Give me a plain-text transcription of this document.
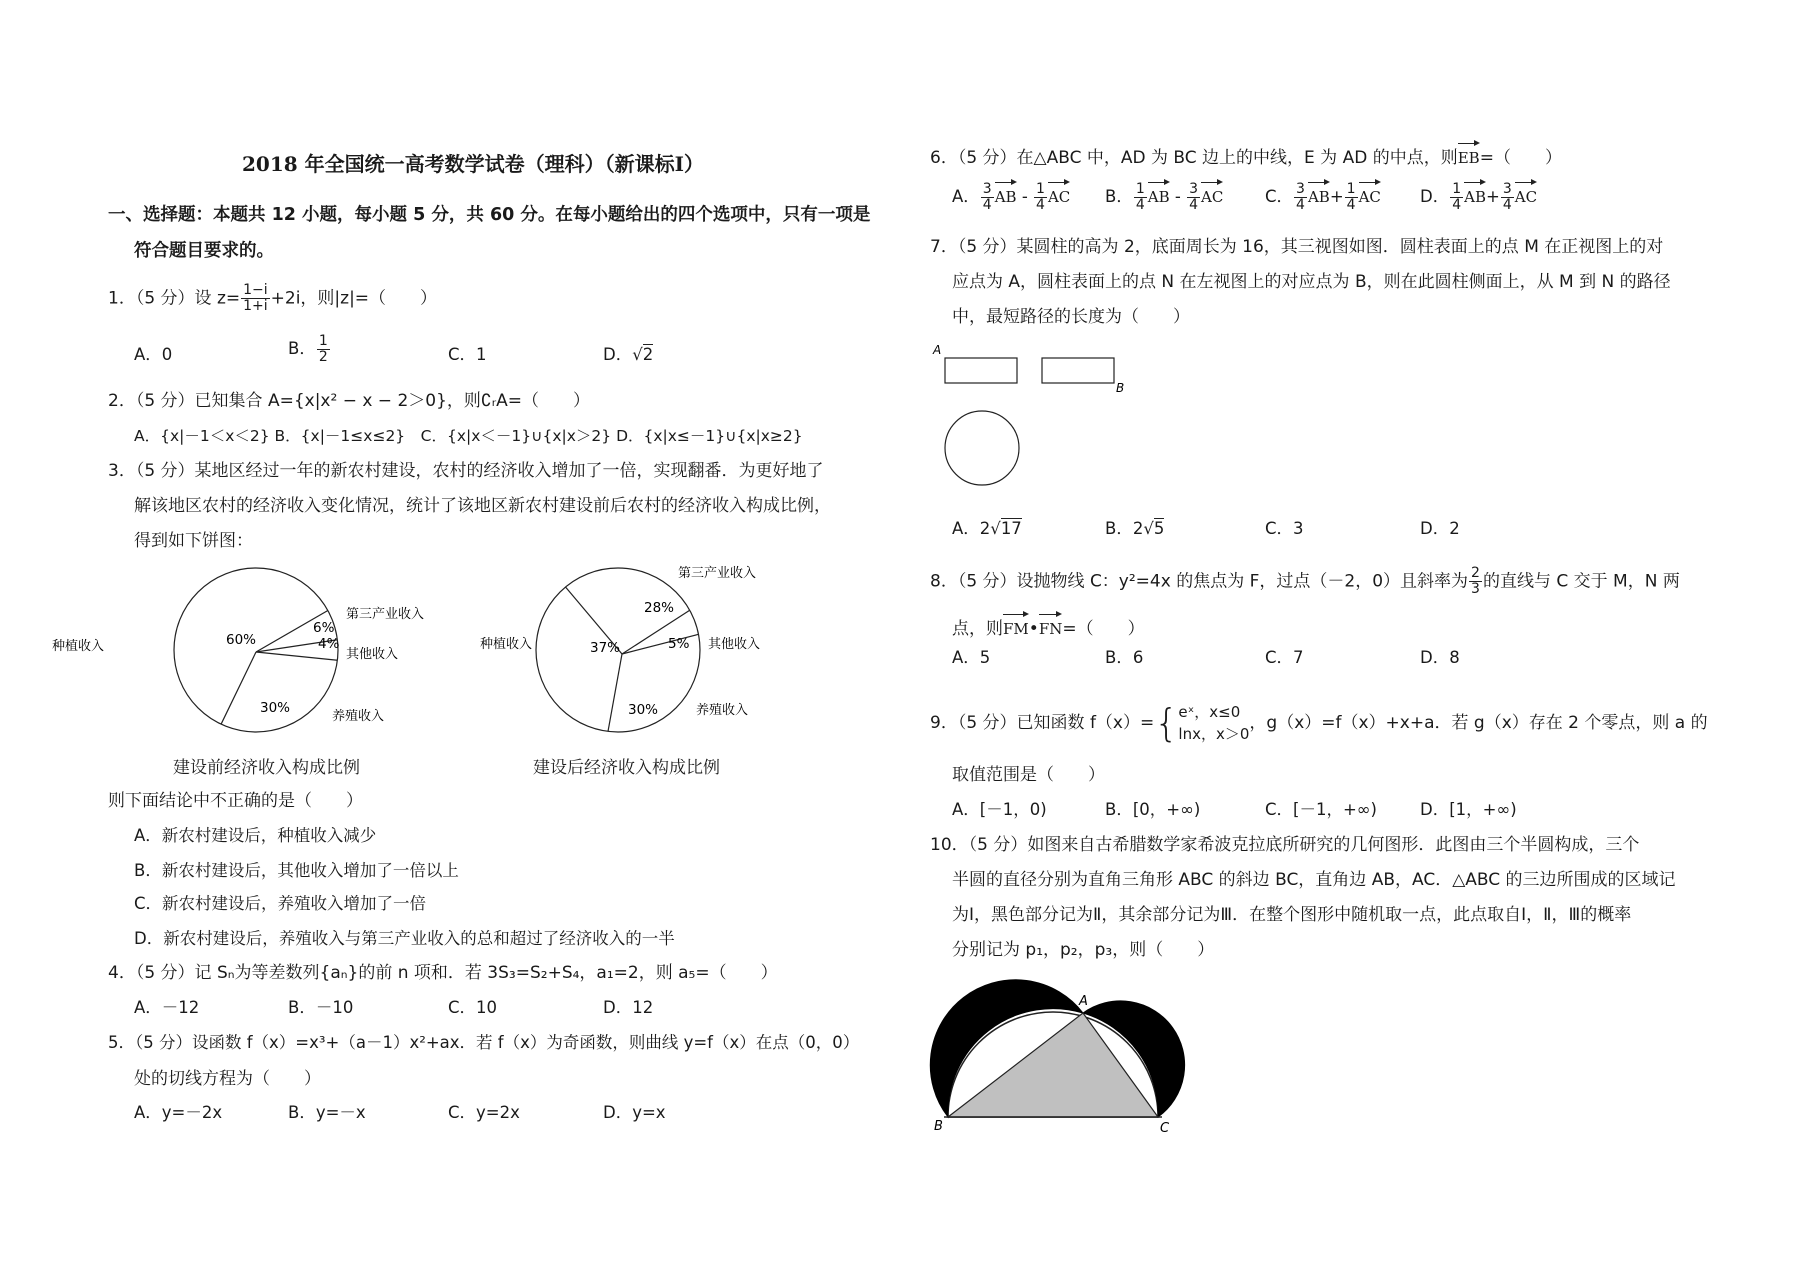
2018 年全国统一高考数学试卷（理科）（新课标Ⅰ）
一、选择题：本题共 12 小题，每小题 5 分，共 60 分。在每小题给出的四个选项中，只有一项是
符合题目要求的。
1．（5 分）设 $z= \frac{1-i}{1+i} +2i$，则|z|=（　　）
A．0	B． $\frac{1}{2}$	C．1	D．√2
2．（5 分）已知集合 A={x|x² − x − 2＞0}，则∁ᵣA=（　　）
A．{x|－1＜x＜2} B．{x|－1≤x≤2}　C．{x|x＜－1}∪{x|x＞2} D．{x|x≤－1}∪{x|x≥2}
3．（5 分）某地区经过一年的新农村建设，农村的经济收入增加了一倍，实现翻番．为更好地了
解该地区农村的经济收入变化情况，统计了该地区新农村建设前后农村的经济收入构成比例，
得到如下饼图：
种植收入	60%
第三产业收入
6%
其他收入
4%
养殖收入
30%
种植收入	37%
第三产业收入
28%
其他收入
5%
养殖收入
30%
建设前经济收入构成比例	建设后经济收入构成比例
则下面结论中不正确的是（　　）
A．新农村建设后，种植收入减少
B．新农村建设后，其他收入增加了一倍以上
C．新农村建设后，养殖收入增加了一倍
D．新农村建设后，养殖收入与第三产业收入的总和超过了经济收入的一半
4．（5 分）记 Sₙ为等差数列{aₙ}的前 n 项和．若 3S₃=S₂+S₄，a₁=2，则 a₅=（　　）
A．－12	B．－10	C．10	D．12
5．（5 分）设函数 f（x）=x³+（a－1）x²+ax．若 f（x）为奇函数，则曲线 y=f（x）在点（0，0）
处的切线方程为（　　）
A．y=－2x	B．y=－x	C．y=2x	D．y=x
6．（5 分）在△ABC 中，AD 为 BC 边上的中线，E 为 AD 的中点，则EB=（　　）
A． $\frac{3}{4}$ AB - $\frac{1}{4}$ AC B． $\frac{1}{4}$ AB - $\frac{3}{4}$ AC	C． $\frac{3}{4} AB+ \frac{1}{4}$ AC D． $\frac{1}{4} AB+ \frac{3}{4}$ AC
7．（5 分）某圆柱的高为 2，底面周长为 16，其三视图如图．圆柱表面上的点 M 在正视图上的对
应点为 A，圆柱表面上的点 N 在左视图上的对应点为 B，则在此圆柱侧面上，从 M 到 N 的路径
中，最短路径的长度为（　　）
A
B
A．2√17	B．2√5	C．3	D．2
8．（5 分）设抛物线 C：y²=4x 的焦点为 F，过点（－2，0）且斜率为 $\frac{2}{3}$ 的直线与 C 交于 M，N 两
点，则FM•FN=（　　）
A．5	B．6	C．7	D．8
9．（5 分）已知函数 f（x）={ eˣ，x≤0
lnx，x＞0
，g（x）=f（x）+x+a．若 g（x）存在 2 个零点，则 a 的
取值范围是（　　）
A．[－1，0)	B．[0，+∞)	C．[－1，+∞)	D．[1，+∞)
10．（5 分）如图来自古希腊数学家希波克拉底所研究的几何图形．此图由三个半圆构成，三个
半圆的直径分别为直角三角形 ABC 的斜边 BC，直角边 AB，AC．△ABC 的三边所围成的区域记
为Ⅰ，黑色部分记为Ⅱ，其余部分记为Ⅲ．在整个图形中随机取一点，此点取自Ⅰ，Ⅱ，Ⅲ的概率
分别记为 p₁，p₂，p₃，则（　　）
A
B	C
